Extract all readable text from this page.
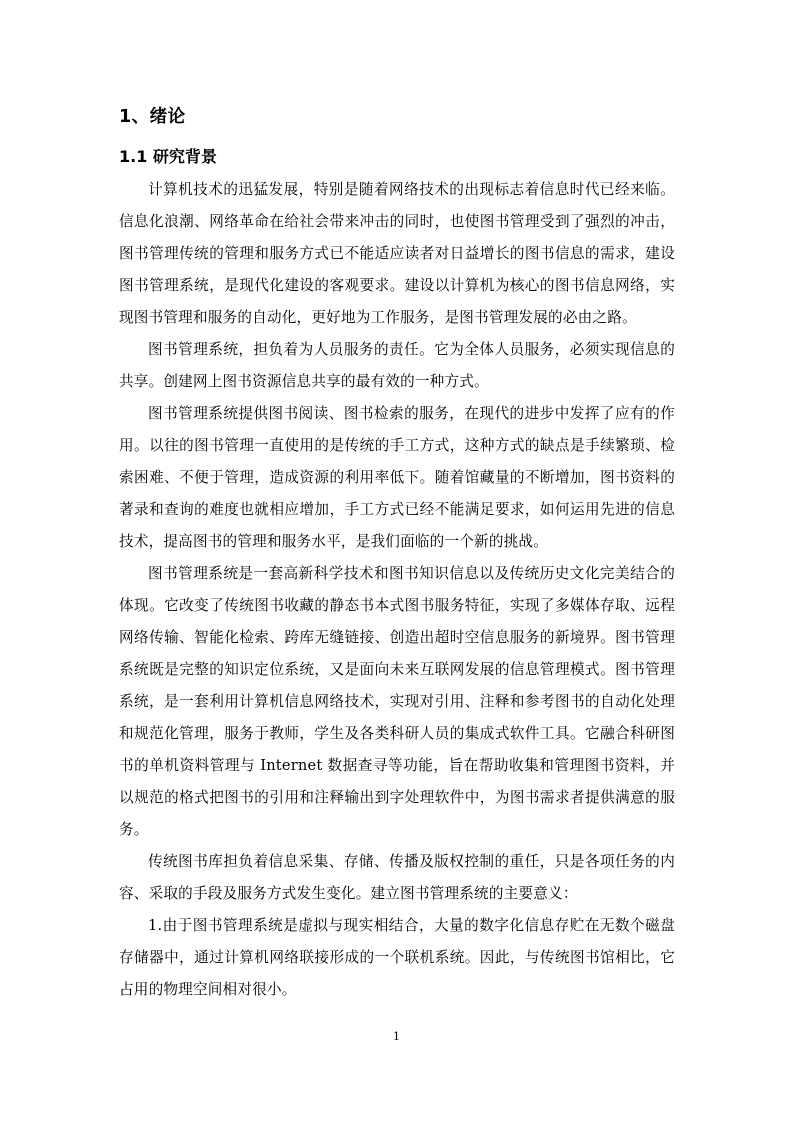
1、绪论
1.1 研究背景

计算机技术的迅猛发展，特别是随着网络技术的出现标志着信息时代已经来临。信息化浪潮、网络革命在给社会带来冲击的同时，也使图书管理受到了强烈的冲击，图书管理传统的管理和服务方式已不能适应读者对日益增长的图书信息的需求，建设图书管理系统，是现代化建设的客观要求。建设以计算机为核心的图书信息网络，实现图书管理和服务的自动化，更好地为工作服务，是图书管理发展的必由之路。

图书管理系统，担负着为人员服务的责任。它为全体人员服务，必须实现信息的共享。创建网上图书资源信息共享的最有效的一种方式。

图书管理系统提供图书阅读、图书检索的服务，在现代的进步中发挥了应有的作用。以往的图书管理一直使用的是传统的手工方式，这种方式的缺点是手续繁琐、检索困难、不便于管理，造成资源的利用率低下。随着馆藏量的不断增加，图书资料的著录和查询的难度也就相应增加，手工方式已经不能满足要求，如何运用先进的信息技术，提高图书的管理和服务水平，是我们面临的一个新的挑战。

图书管理系统是一套高新科学技术和图书知识信息以及传统历史文化完美结合的体现。它改变了传统图书收藏的静态书本式图书服务特征，实现了多媒体存取、远程网络传输、智能化检索、跨库无缝链接、创造出超时空信息服务的新境界。图书管理系统既是完整的知识定位系统，又是面向未来互联网发展的信息管理模式。图书管理系统，是一套利用计算机信息网络技术，实现对引用、注释和参考图书的自动化处理和规范化管理，服务于教师，学生及各类科研人员的集成式软件工具。它融合科研图书的单机资料管理与 Internet 数据查寻等功能，旨在帮助收集和管理图书资料，并以规范的格式把图书的引用和注释输出到字处理软件中，为图书需求者提供满意的服务。

传统图书库担负着信息采集、存储、传播及版权控制的重任，只是各项任务的内容、采取的手段及服务方式发生变化。建立图书管理系统的主要意义：

1.由于图书管理系统是虚拟与现实相结合，大量的数字化信息存贮在无数个磁盘存储器中，通过计算机网络联接形成的一个联机系统。因此，与传统图书馆相比，它占用的物理空间相对很小。

1
